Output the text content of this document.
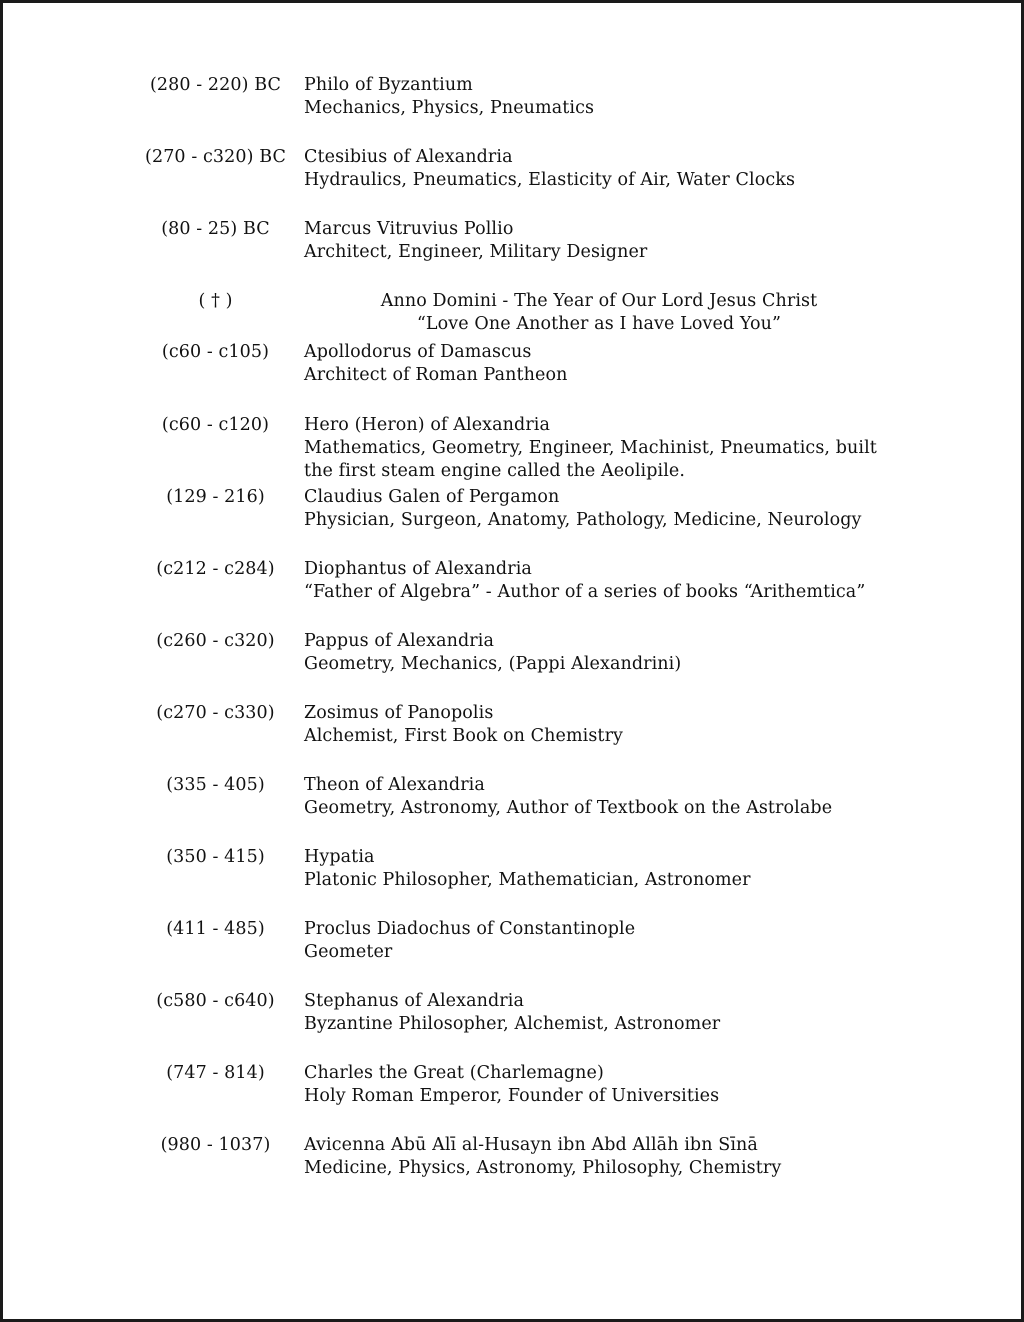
(280 - 220) BC	Philo of Byzantium
Mechanics, Physics, Pneumatics
(270 - c320) BC	Ctesibius of Alexandria
Hydraulics, Pneumatics, Elasticity of Air, Water Clocks
(80 - 25) BC	Marcus Vitruvius Pollio
Architect, Engineer, Military Designer
( † )	Anno Domini - The Year of Our Lord Jesus Christ
“Love One Another as I have Loved You”
(c60 - c105)	Apollodorus of Damascus
Architect of Roman Pantheon
(c60 - c120)	Hero (Heron) of Alexandria
Mathematics, Geometry, Engineer, Machinist, Pneumatics, built
the first steam engine called the Aeolipile.
(129 - 216)	Claudius Galen of Pergamon
Physician, Surgeon, Anatomy, Pathology, Medicine, Neurology
(c212 - c284)	Diophantus of Alexandria
“Father of Algebra” - Author of a series of books “Arithemtica”
(c260 - c320)	Pappus of Alexandria
Geometry, Mechanics, (Pappi Alexandrini)
(c270 - c330)	Zosimus of Panopolis
Alchemist, First Book on Chemistry
(335 - 405)	Theon of Alexandria
Geometry, Astronomy, Author of Textbook on the Astrolabe
(350 - 415)	Hypatia
Platonic Philosopher, Mathematician, Astronomer
(411 - 485)	Proclus Diadochus of Constantinople
Geometer
(c580 - c640)	Stephanus of Alexandria
Byzantine Philosopher, Alchemist, Astronomer
(747 - 814)	Charles the Great (Charlemagne)
Holy Roman Emperor, Founder of Universities
(980 - 1037)	Avicenna Abū Alī al-Husayn ibn Abd Allāh ibn Sīnā
Medicine, Physics, Astronomy, Philosophy, Chemistry
